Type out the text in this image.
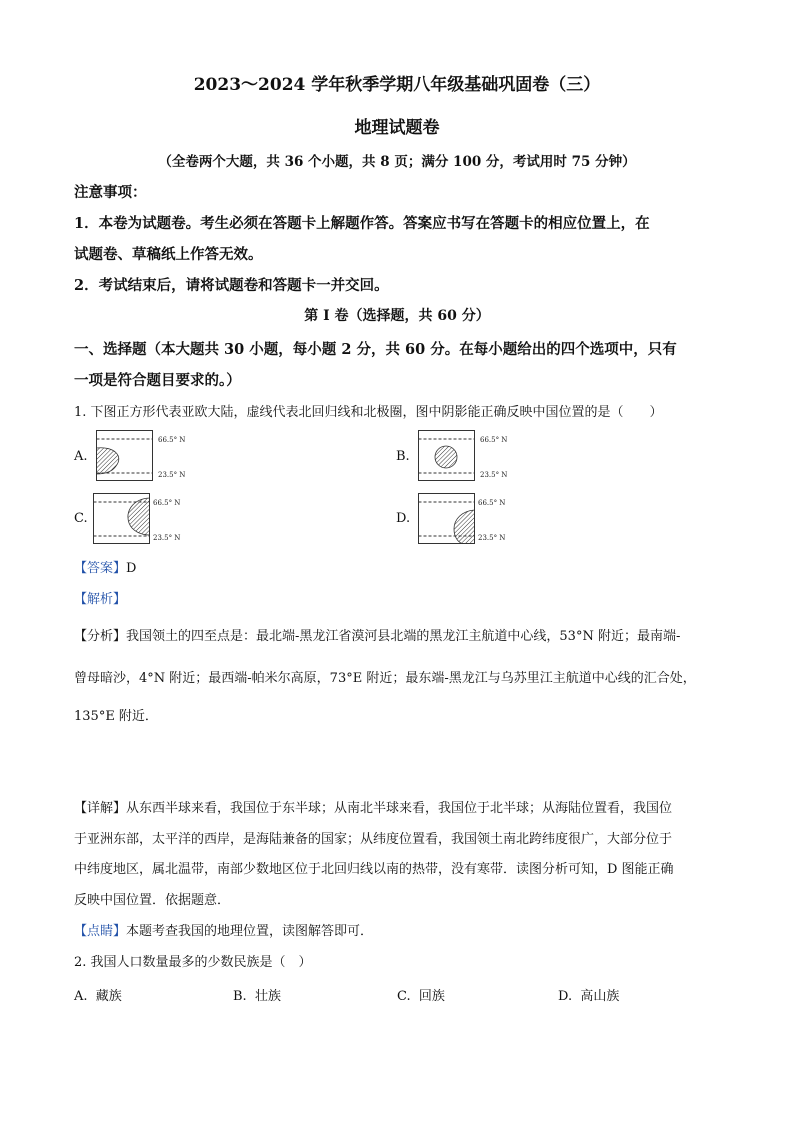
2023～2024 学年秋季学期八年级基础巩固卷（三）
地理试题卷
（全卷两个大题，共 36 个小题，共 8 页；满分 100 分，考试用时 75 分钟）
注意事项：
1．本卷为试题卷。考生必须在答题卡上解题作答。答案应书写在答题卡的相应位置上，在
试题卷、草稿纸上作答无效。
2．考试结束后，请将试题卷和答题卡一并交回。
第 I 卷（选择题，共 60 分）
一、选择题（本大题共 30 小题，每小题 2 分，共 60 分。在每小题给出的四个选项中，只有
一项是符合题目要求的。）
1. 下图正方形代表亚欧大陆，虚线代表北回归线和北极圈，图中阴影能正确反映中国位置的是（　　）
A.
66.5° N
23.5° N
B.
66.5° N
23.5° N
C.
66.5° N
23.5° N
D.
66.5° N
23.5° N
【答案】D
【解析】
【分析】我国领土的四至点是：最北端-黑龙江省漠河县北端的黑龙江主航道中心线，53°N 附近；最南端-
曾母暗沙，4°N 附近；最西端-帕米尔高原，73°E 附近；最东端-黑龙江与乌苏里江主航道中心线的汇合处，
135°E 附近．
【详解】从东西半球来看，我国位于东半球；从南北半球来看，我国位于北半球；从海陆位置看，我国位
于亚洲东部，太平洋的西岸，是海陆兼备的国家；从纬度位置看，我国领土南北跨纬度很广，大部分位于
中纬度地区，属北温带，南部少数地区位于北回归线以南的热带，没有寒带．读图分析可知，D 图能正确
反映中国位置．依据题意．
【点睛】本题考查我国的地理位置，读图解答即可．
2. 我国人口数量最多的少数民族是（　）
A. 藏族	B. 壮族	C. 回族	D. 高山族
